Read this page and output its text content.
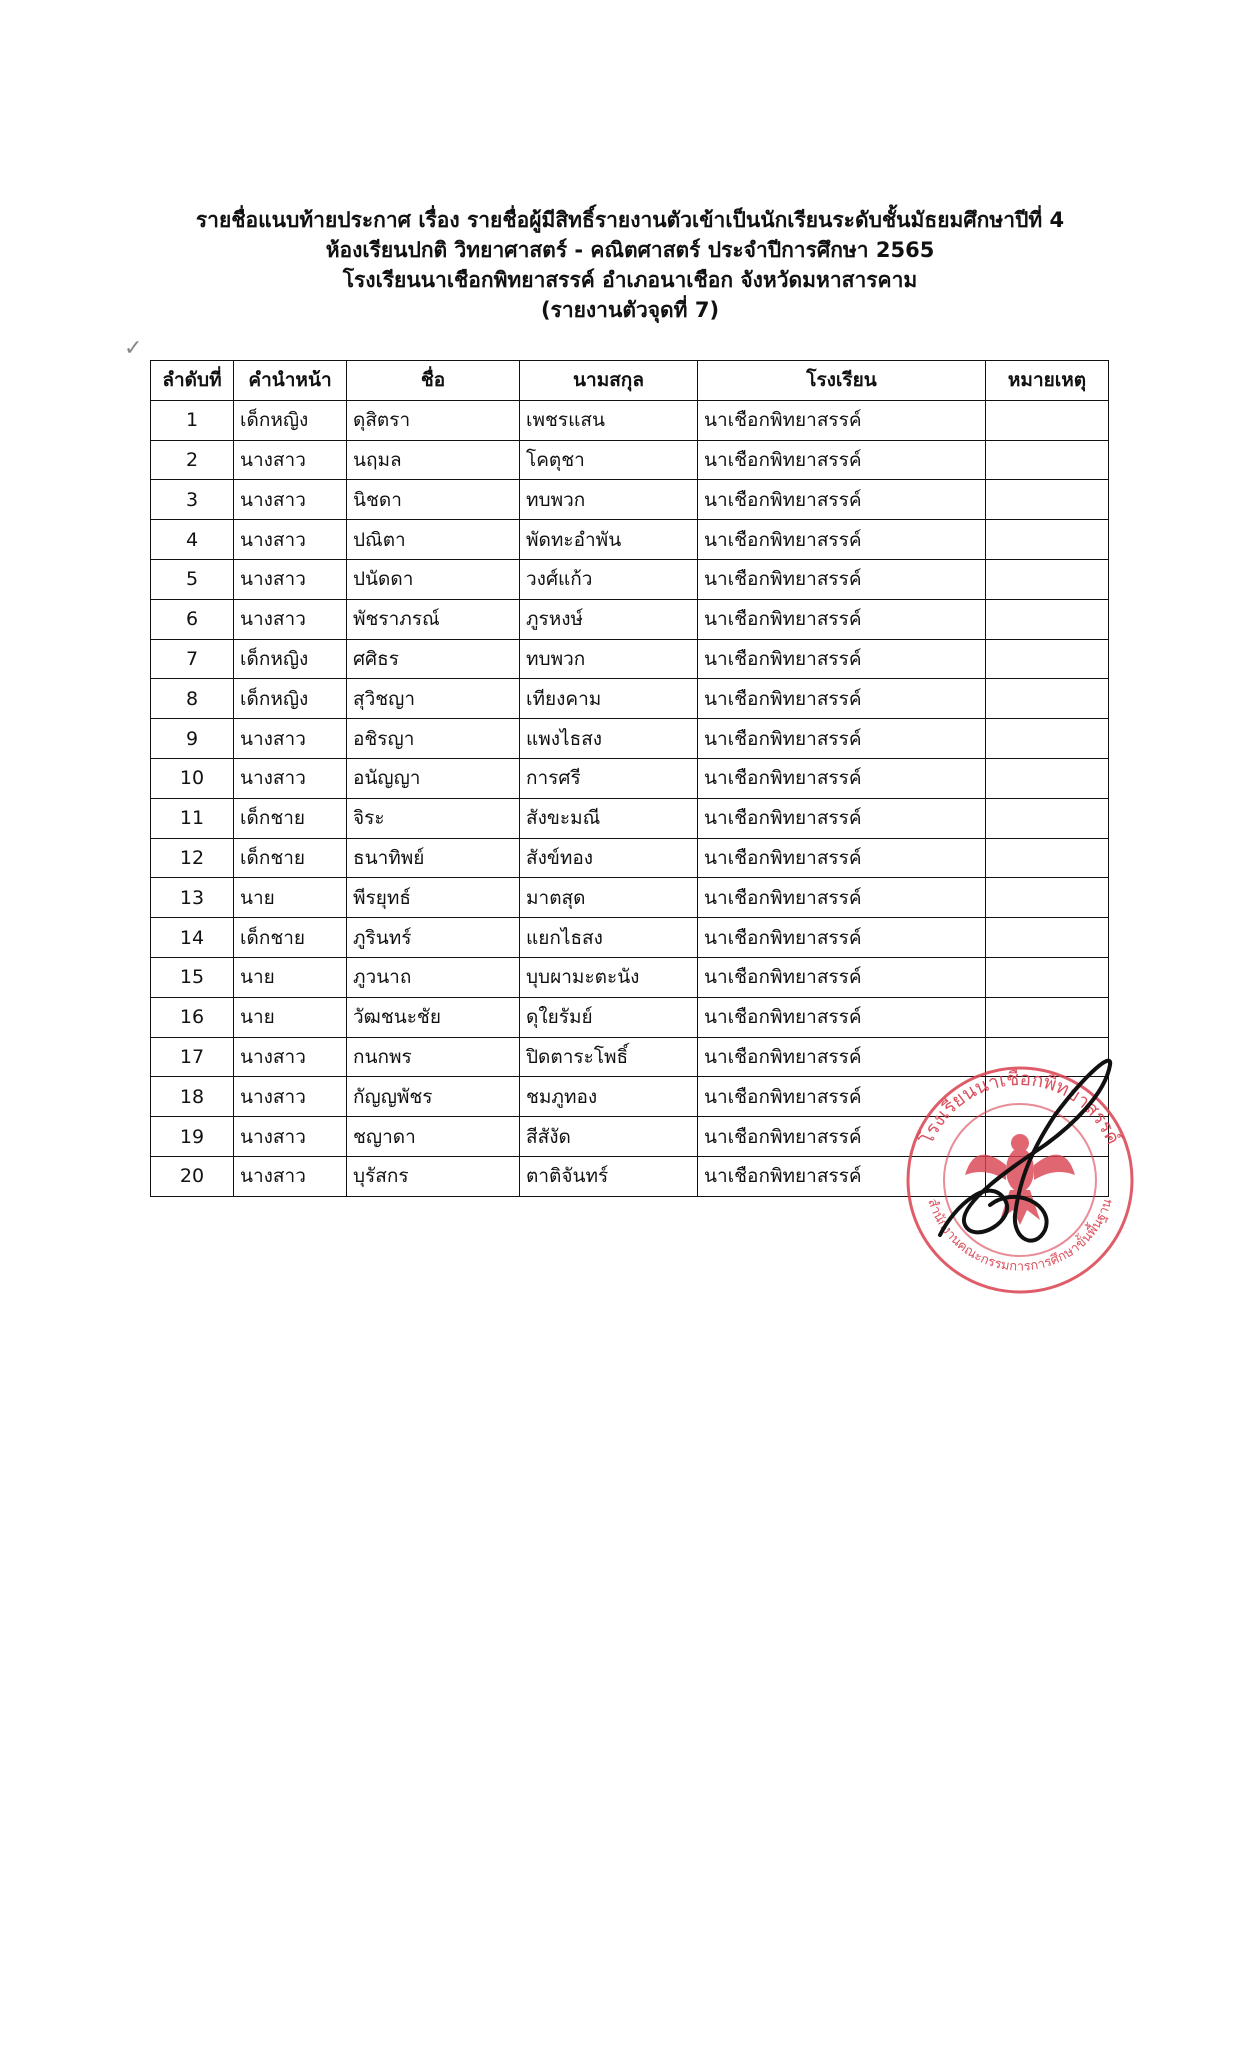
รายชื่อแนบท้ายประกาศ เรื่อง รายชื่อผู้มีสิทธิ์รายงานตัวเข้าเป็นนักเรียนระดับชั้นมัธยมศึกษาปีที่ 4
ห้องเรียนปกติ วิทยาศาสตร์ - คณิตศาสตร์ ประจำปีการศึกษา 2565
โรงเรียนนาเชือกพิทยาสรรค์ อำเภอนาเชือก จังหวัดมหาสารคาม
(รายงานตัวจุดที่ 7)
✓
ลำดับที่	คำนำหน้า	ชื่อ	นามสกุล	โรงเรียน	หมายเหตุ
1	เด็กหญิง	ดุสิตรา	เพชรแสน	นาเชือกพิทยาสรรค์	
2	นางสาว	นฤมล	โคตุชา	นาเชือกพิทยาสรรค์	
3	นางสาว	นิชดา	ทบพวก	นาเชือกพิทยาสรรค์	
4	นางสาว	ปณิตา	พัดทะอำพัน	นาเชือกพิทยาสรรค์	
5	นางสาว	ปนัดดา	วงศ์แก้ว	นาเชือกพิทยาสรรค์	
6	นางสาว	พัชราภรณ์	ภูรหงษ์	นาเชือกพิทยาสรรค์	
7	เด็กหญิง	ศศิธร	ทบพวก	นาเชือกพิทยาสรรค์	
8	เด็กหญิง	สุวิชญา	เทียงคาม	นาเชือกพิทยาสรรค์	
9	นางสาว	อชิรญา	แพงไธสง	นาเชือกพิทยาสรรค์	
10	นางสาว	อนัญญา	การศรี	นาเชือกพิทยาสรรค์	
11	เด็กชาย	จิระ	สังขะมณี	นาเชือกพิทยาสรรค์	
12	เด็กชาย	ธนาทิพย์	สังข์ทอง	นาเชือกพิทยาสรรค์	
13	นาย	พีรยุทธ์	มาตสุด	นาเชือกพิทยาสรรค์	
14	เด็กชาย	ภูรินทร์	แยกไธสง	นาเชือกพิทยาสรรค์	
15	นาย	ภูวนาถ	บุบผามะตะนัง	นาเชือกพิทยาสรรค์	
16	นาย	วัฒชนะชัย	ดุใยรัมย์	นาเชือกพิทยาสรรค์	
17	นางสาว	กนกพร	ปิดตาระโพธิ์	นาเชือกพิทยาสรรค์	
18	นางสาว	กัญญพัชร	ชมภูทอง	นาเชือกพิทยาสรรค์	
19	นางสาว	ชญาดา	สีสังัด	นาเชือกพิทยาสรรค์	
20	นางสาว	บุรัสกร	ตาติจันทร์	นาเชือกพิทยาสรรค์	
โรงเรียนนาเชือกพิทยาสรรค์
สำนักงานคณะกรรมการการศึกษาขั้นพื้นฐาน
